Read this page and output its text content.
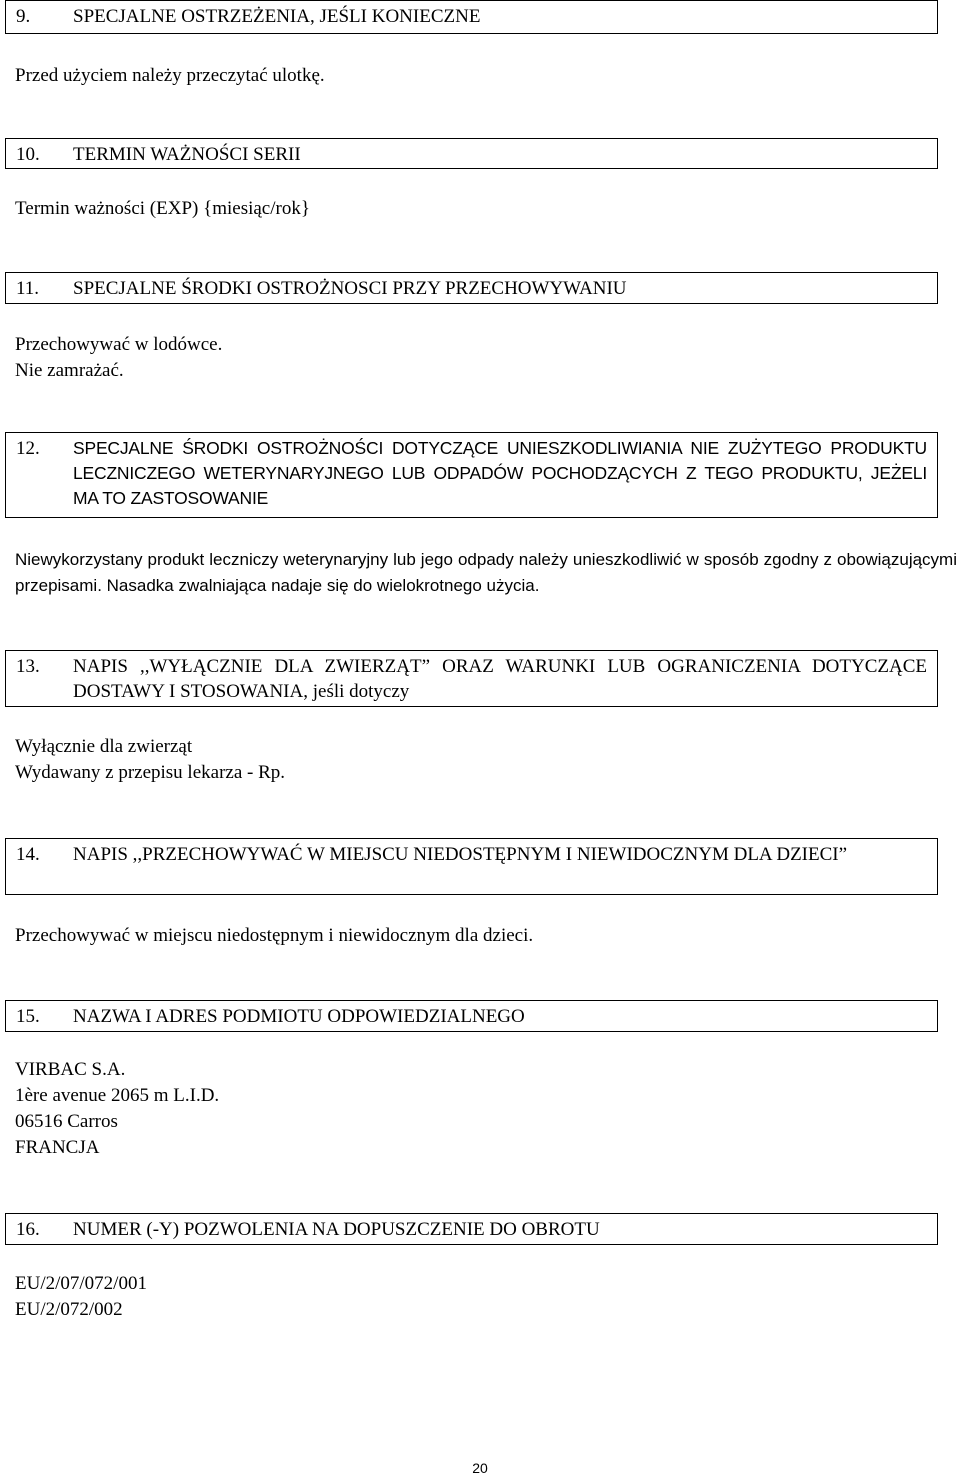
9. SPECJALNE OSTRZEŻENIA, JEŚLI KONIECZNE
Przed użyciem należy przeczytać ulotkę.
10. TERMIN WAŻNOŚCI SERII
Termin ważności (EXP) {miesiąc/rok}
11. SPECJALNE ŚRODKI OSTROŻNOSCI PRZY PRZECHOWYWANIU
Przechowywać w lodówce.
Nie zamrażać.
12.	SPECJALNE ŚRODKI OSTROŻNOŚCI DOTYCZĄCE UNIESZKODLIWIANIA NIE ZUŻYTEGO PRODUKTU LECZNICZEGO WETERYNARYJNEGO LUB ODPADÓW POCHODZĄCYCH Z TEGO PRODUKTU, JEŻELI MA TO ZASTOSOWANIE
Niewykorzystany produkt leczniczy weterynaryjny lub jego odpady należy unieszkodliwić w sposób zgodny z obowiązującymi przepisami. Nasadka zwalniająca nadaje się do wielokrotnego użycia.
13.	NAPIS ,,WYŁĄCZNIE DLA ZWIERZĄT” ORAZ WARUNKI LUB OGRANICZENIA DOTYCZĄCE DOSTAWY I STOSOWANIA, jeśli dotyczy
Wyłącznie dla zwierząt
Wydawany z przepisu lekarza - Rp.
14.	NAPIS ,,PRZECHOWYWAĆ W MIEJSCU NIEDOSTĘPNYM I NIEWIDOCZNYM DLA DZIECI”
Przechowywać w miejscu niedostępnym i niewidocznym dla dzieci.
15. NAZWA I ADRES PODMIOTU ODPOWIEDZIALNEGO
VIRBAC S.A.
1ère avenue 2065 m L.I.D.
06516 Carros
FRANCJA
16. NUMER (-Y) POZWOLENIA NA DOPUSZCZENIE DO OBROTU
EU/2/07/072/001
EU/2/072/002
20
